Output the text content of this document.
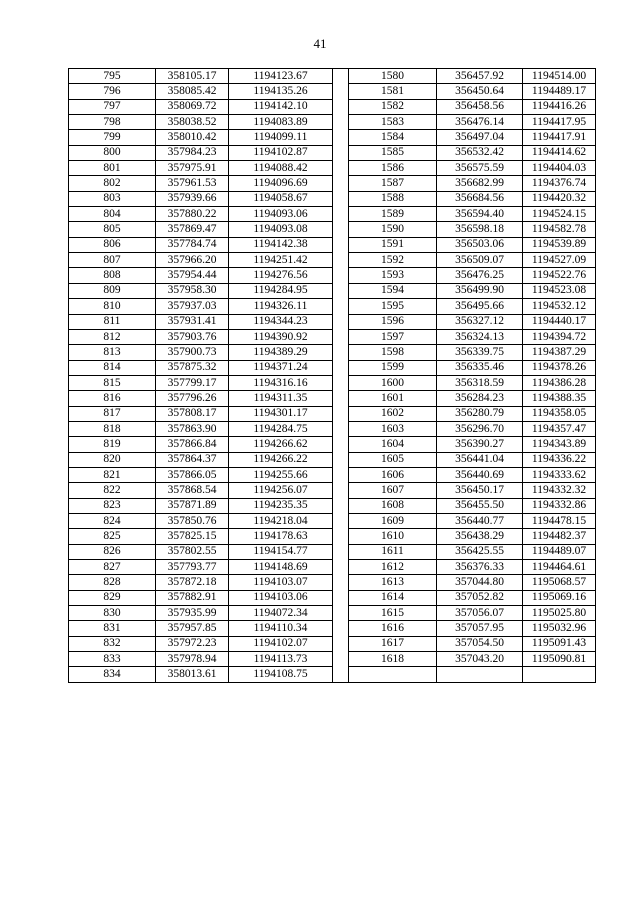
41
795	358105.17	1194123.67		1580	356457.92	1194514.00
796	358085.42	1194135.26		1581	356450.64	1194489.17
797	358069.72	1194142.10		1582	356458.56	1194416.26
798	358038.52	1194083.89		1583	356476.14	1194417.95
799	358010.42	1194099.11		1584	356497.04	1194417.91
800	357984.23	1194102.87		1585	356532.42	1194414.62
801	357975.91	1194088.42		1586	356575.59	1194404.03
802	357961.53	1194096.69		1587	356682.99	1194376.74
803	357939.66	1194058.67		1588	356684.56	1194420.32
804	357880.22	1194093.06		1589	356594.40	1194524.15
805	357869.47	1194093.08		1590	356598.18	1194582.78
806	357784.74	1194142.38		1591	356503.06	1194539.89
807	357966.20	1194251.42		1592	356509.07	1194527.09
808	357954.44	1194276.56		1593	356476.25	1194522.76
809	357958.30	1194284.95		1594	356499.90	1194523.08
810	357937.03	1194326.11		1595	356495.66	1194532.12
811	357931.41	1194344.23		1596	356327.12	1194440.17
812	357903.76	1194390.92		1597	356324.13	1194394.72
813	357900.73	1194389.29		1598	356339.75	1194387.29
814	357875.32	1194371.24		1599	356335.46	1194378.26
815	357799.17	1194316.16		1600	356318.59	1194386.28
816	357796.26	1194311.35		1601	356284.23	1194388.35
817	357808.17	1194301.17		1602	356280.79	1194358.05
818	357863.90	1194284.75		1603	356296.70	1194357.47
819	357866.84	1194266.62		1604	356390.27	1194343.89
820	357864.37	1194266.22		1605	356441.04	1194336.22
821	357866.05	1194255.66		1606	356440.69	1194333.62
822	357868.54	1194256.07		1607	356450.17	1194332.32
823	357871.89	1194235.35		1608	356455.50	1194332.86
824	357850.76	1194218.04		1609	356440.77	1194478.15
825	357825.15	1194178.63		1610	356438.29	1194482.37
826	357802.55	1194154.77		1611	356425.55	1194489.07
827	357793.77	1194148.69		1612	356376.33	1194464.61
828	357872.18	1194103.07		1613	357044.80	1195068.57
829	357882.91	1194103.06		1614	357052.82	1195069.16
830	357935.99	1194072.34		1615	357056.07	1195025.80
831	357957.85	1194110.34		1616	357057.95	1195032.96
832	357972.23	1194102.07		1617	357054.50	1195091.43
833	357978.94	1194113.73		1618	357043.20	1195090.81
834	358013.61	1194108.75				
